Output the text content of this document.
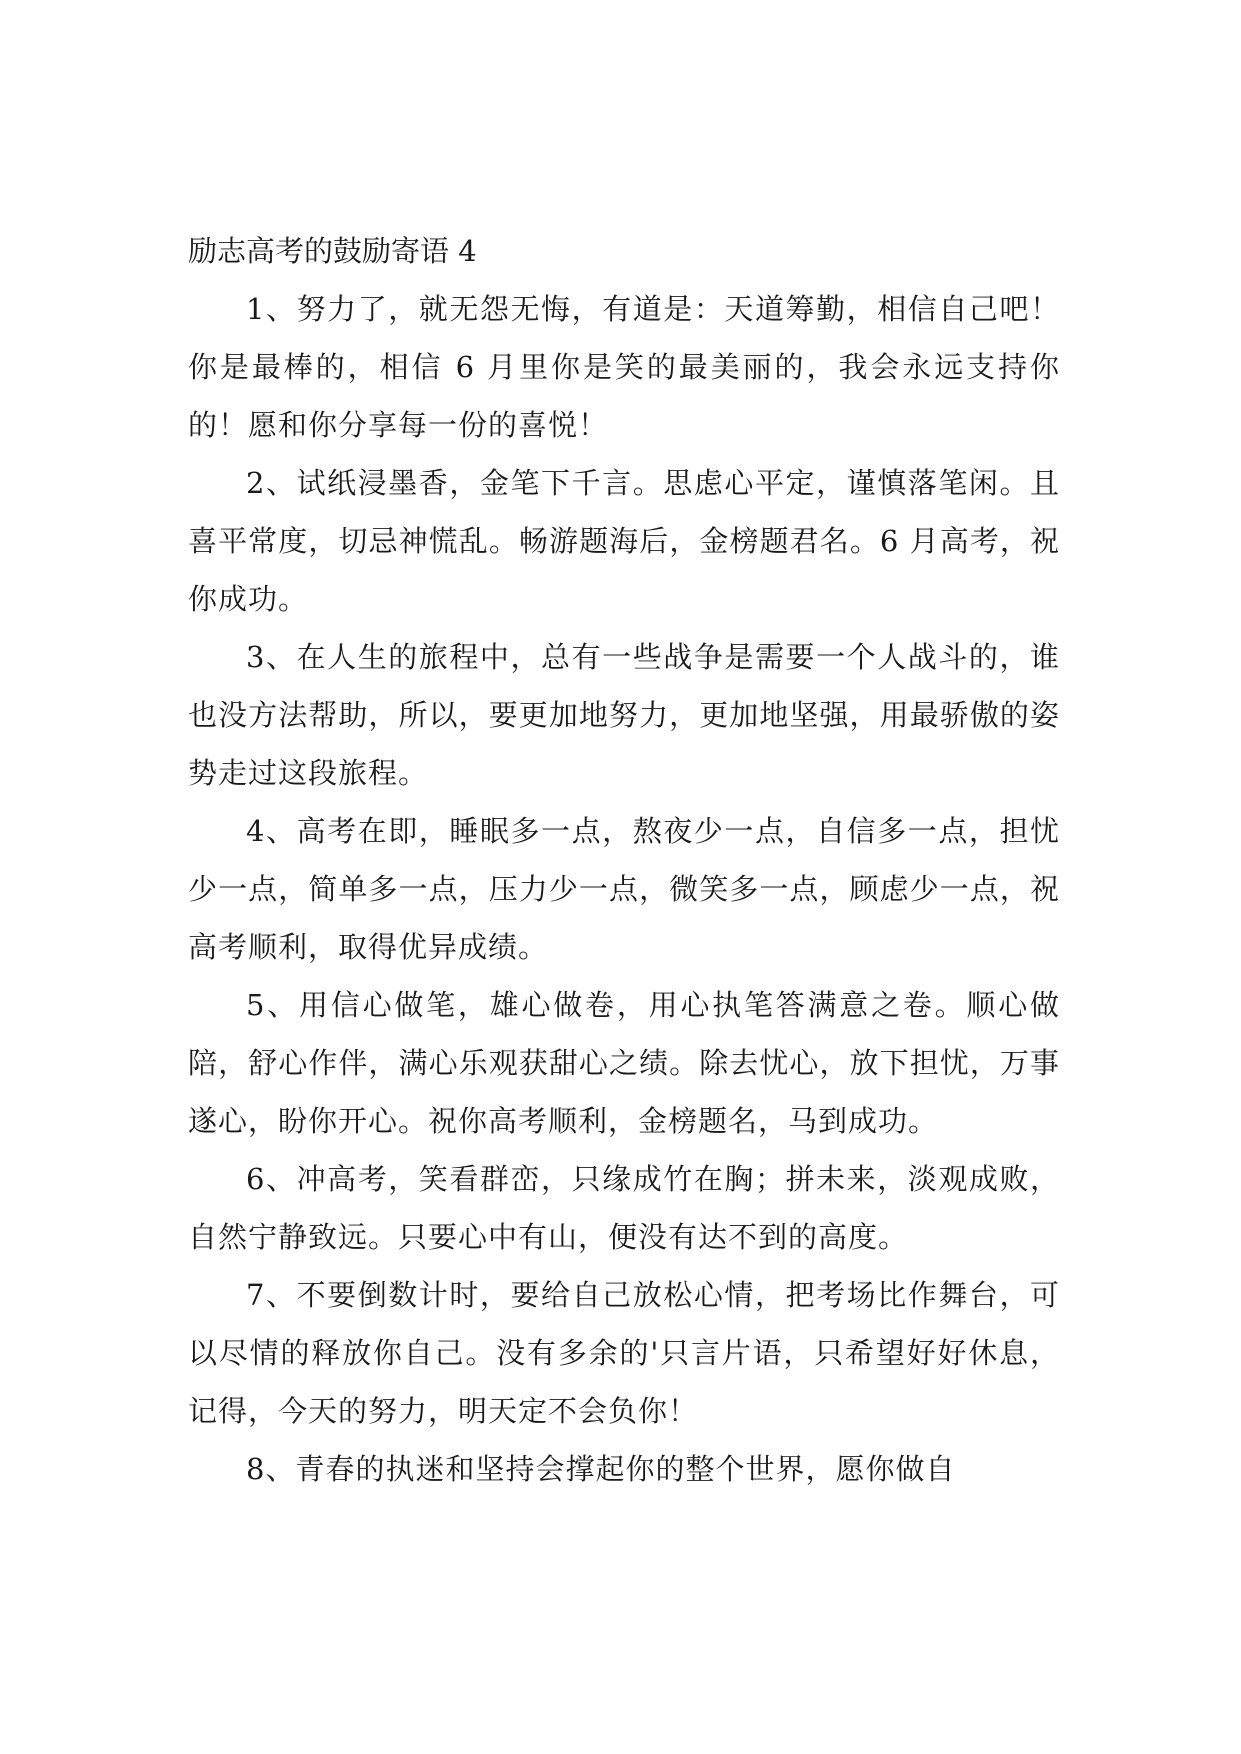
励志高考的鼓励寄语 4

1、努力了，就无怨无悔，有道是：天道筹勤，相信自己吧！你是最棒的，相信 6 月里你是笑的最美丽的，我会永远支持你的！愿和你分享每一份的喜悦！

2、试纸浸墨香，金笔下千言。思虑心平定，谨慎落笔闲。且喜平常度，切忌神慌乱。畅游题海后，金榜题君名。6 月高考，祝你成功。

3、在人生的旅程中，总有一些战争是需要一个人战斗的，谁也没方法帮助，所以，要更加地努力，更加地坚强，用最骄傲的姿势走过这段旅程。

4、高考在即，睡眠多一点，熬夜少一点，自信多一点，担忧少一点，简单多一点，压力少一点，微笑多一点，顾虑少一点，祝高考顺利，取得优异成绩。

5、用信心做笔，雄心做卷，用心执笔答满意之卷。顺心做陪，舒心作伴，满心乐观获甜心之绩。除去忧心，放下担忧，万事遂心，盼你开心。祝你高考顺利，金榜题名，马到成功。

6、冲高考，笑看群峦，只缘成竹在胸；拼未来，淡观成败，自然宁静致远。只要心中有山，便没有达不到的高度。

7、不要倒数计时，要给自己放松心情，把考场比作舞台，可以尽情的释放你自己。没有多余的'只言片语，只希望好好休息，记得，今天的努力，明天定不会负你！

8、青春的执迷和坚持会撑起你的整个世界，愿你做自
